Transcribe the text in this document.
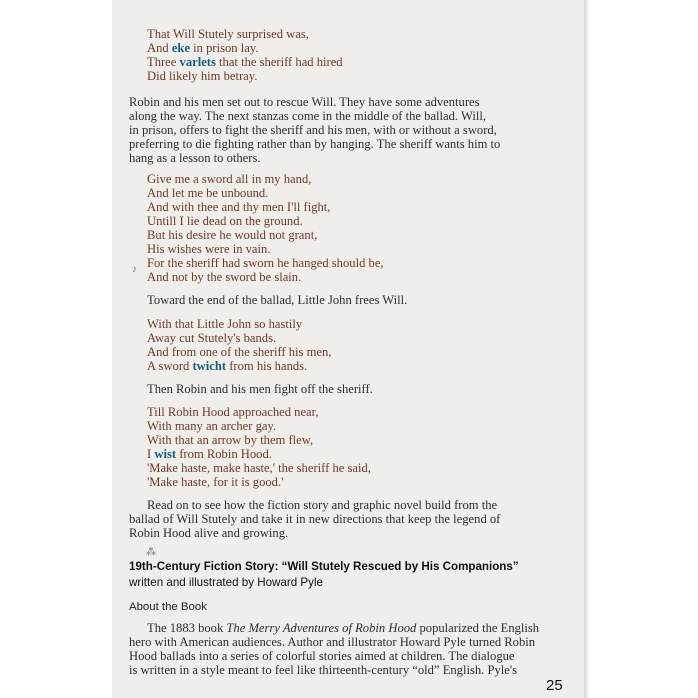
That Will Stutely surprised was,
And eke in prison lay.
Three varlets that the sheriff had hired
Did likely him betray.
Robin and his men set out to rescue Will. They have some adventures
along the way. The next stanzas come in the middle of the ballad. Will,
in prison, offers to fight the sheriff and his men, with or without a sword,
preferring to die fighting rather than by hanging. The sheriff wants him to
hang as a lesson to others.
Give me a sword all in my hand,
And let me be unbound.
And with thee and thy men I'll fight,
Untill I lie dead on the ground.
But his desire he would not grant,
His wishes were in vain.
For the sheriff had sworn he hanged should be,
And not by the sword be slain.
♪
Toward the end of the ballad, Little John frees Will.
With that Little John so hastily
Away cut Stutely's bands.
And from one of the sheriff his men,
A sword twicht from his hands.
Then Robin and his men fight off the sheriff.
Till Robin Hood approached near,
With many an archer gay.
With that an arrow by them flew,
I wist from Robin Hood.
'Make haste, make haste,' the sheriff he said,
'Make haste, for it is good.'
Read on to see how the fiction story and graphic novel build from the
ballad of Will Stutely and take it in new directions that keep the legend of
Robin Hood alive and growing.
⁂
19th-Century Fiction Story: “Will Stutely Rescued by His Companions”
written and illustrated by Howard Pyle
About the Book
The 1883 book The Merry Adventures of Robin Hood popularized the English
hero with American audiences. Author and illustrator Howard Pyle turned Robin
Hood ballads into a series of colorful stories aimed at children. The dialogue
is written in a style meant to feel like thirteenth-century “old” English. Pyle's
25
